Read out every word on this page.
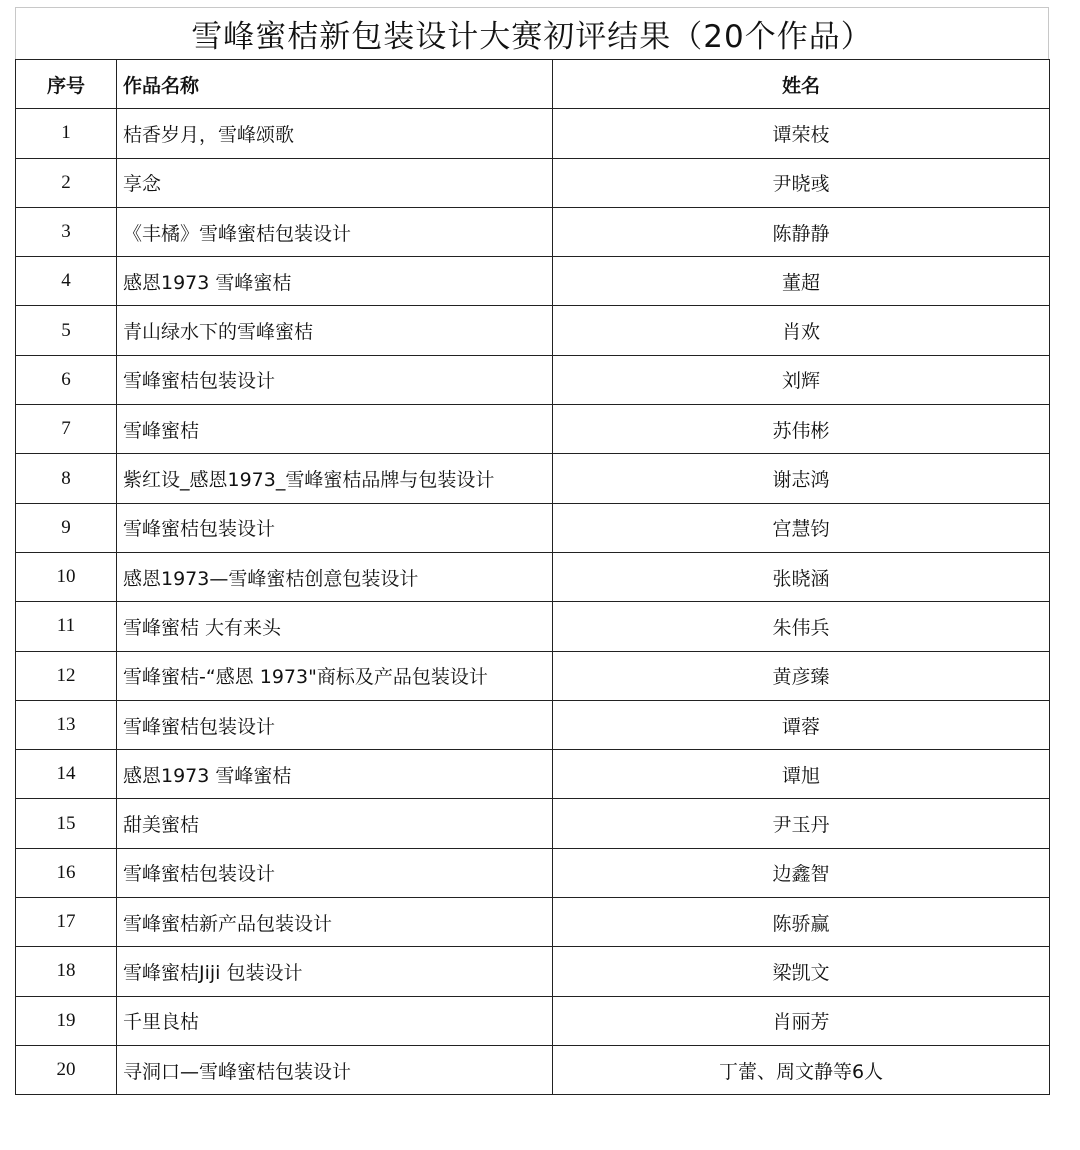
雪峰蜜桔新包装设计大赛初评结果（20个作品）
序号	作品名称	姓名
1	桔香岁月，雪峰颂歌	谭荣枝
2	享念	尹晓彧
3	《丰橘》雪峰蜜桔包装设计	陈静静
4	感恩1973 雪峰蜜桔	董超
5	青山绿水下的雪峰蜜桔	肖欢
6	雪峰蜜桔包装设计	刘辉
7	雪峰蜜桔	苏伟彬
8	紫红设_感恩1973_雪峰蜜桔品牌与包装设计	谢志鸿
9	雪峰蜜桔包装设计	宫慧钧
10	感恩1973—雪峰蜜桔创意包装设计	张晓涵
11	雪峰蜜桔 大有来头	朱伟兵
12	雪峰蜜桔-“感恩 1973"商标及产品包装设计	黄彦臻
13	雪峰蜜桔包装设计	谭蓉
14	感恩1973 雪峰蜜桔	谭旭
15	甜美蜜桔	尹玉丹
16	雪峰蜜桔包装设计	边鑫智
17	雪峰蜜桔新产品包装设计	陈骄赢
18	雪峰蜜桔Jiji 包装设计	梁凯文
19	千里良枯	肖丽芳
20	寻洞口—雪峰蜜桔包装设计	丁蕾、周文静等6人
